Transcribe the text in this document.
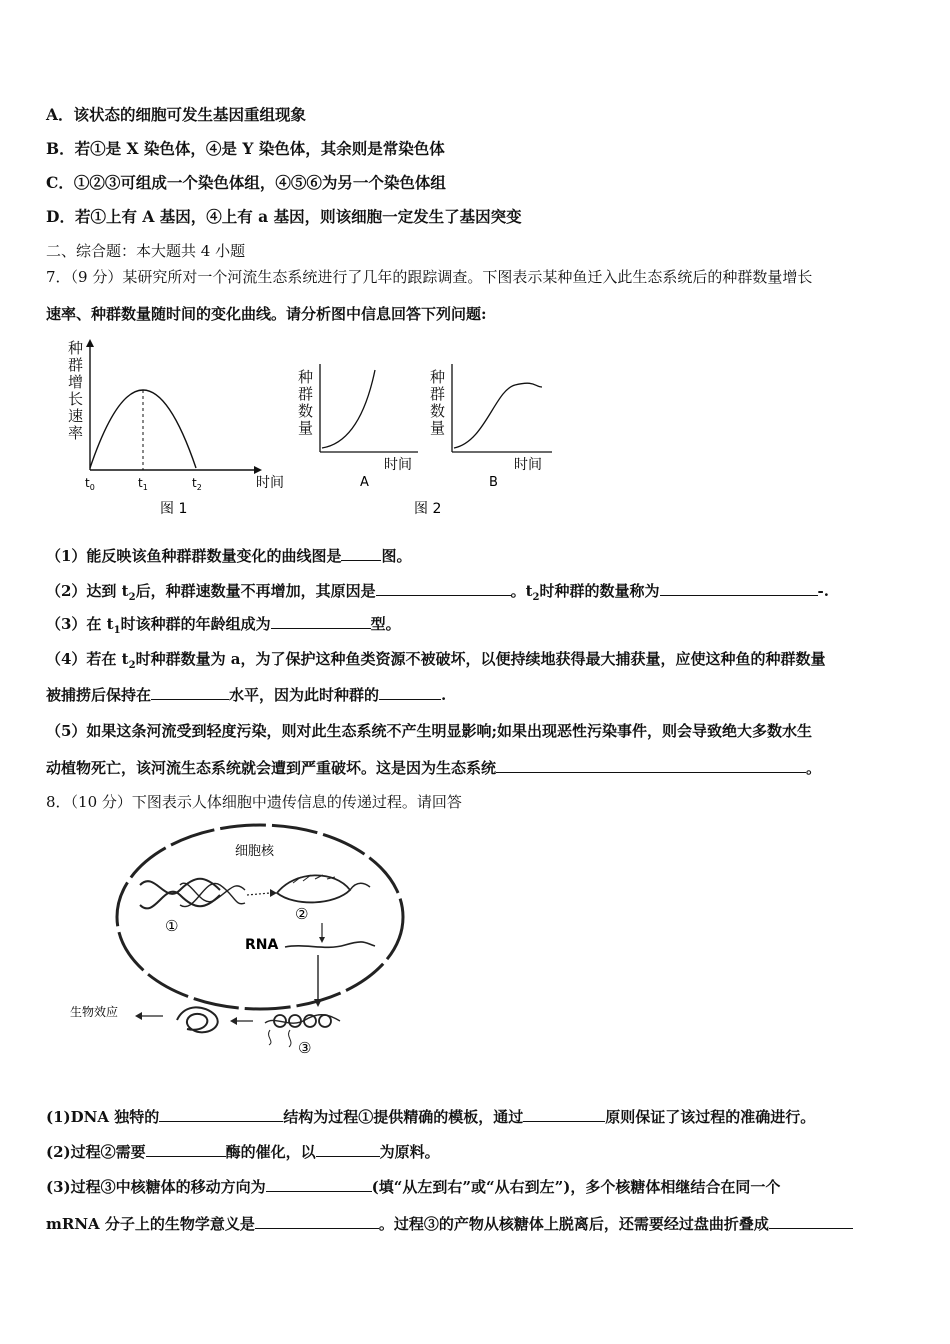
A．该状态的细胞可发生基因重组现象
B．若①是 X 染色体，④是 Y 染色体，其余则是常染色体
C．①②③可组成一个染色体组，④⑤⑥为另一个染色体组
D．若①上有 A 基因，④上有 a 基因，则该细胞一定发生了基因突变
二、综合题：本大题共 4 小题
7．（9 分）某研究所对一个河流生态系统进行了几年的跟踪调查。下图表示某种鱼迁入此生态系统后的种群数量增长
速率、种群数量随时间的变化曲线。请分析图中信息回答下列问题:
种
群
增
长
速
率
$t_0$	$t_1$	$t_2$	时间
图 1
种
群
数
量
时间
A
种
群
数
量
时间
B
图 2
（1）能反映该鱼种群群数量变化的曲线图是	图。
（2）达到 $t_2$后，种群速数量不再增加，其原因是	。$t_2$时种群的数量称为	-.
（3）在 $t_1$时该种群的年龄组成为	型。
（4）若在 $t_2$时种群数量为 a，为了保护这种鱼类资源不被破坏，以便持续地获得最大捕获量，应使这种鱼的种群数量
被捕捞后保持在	水平，因为此时种群的	.
（5）如果这条河流受到轻度污染，则对此生态系统不产生明显影响;如果出现恶性污染事件，则会导致绝大多数水生
动植物死亡，该河流生态系统就会遭到严重破坏。这是因为生态系统	。
8．（10 分）下图表示人体细胞中遗传信息的传递过程。请回答
细胞核
①
②
RNA
③
生物效应
(1)DNA 独特的	结构为过程①提供精确的模板，通过	原则保证了该过程的准确进行。
(2)过程②需要	酶的催化，以	为原料。
(3)过程③中核糖体的移动方向为	(填“从左到右”或“从右到左”)，多个核糖体相继结合在同一个
mRNA 分子上的生物学意义是	。过程③的产物从核糖体上脱离后，还需要经过盘曲折叠成
